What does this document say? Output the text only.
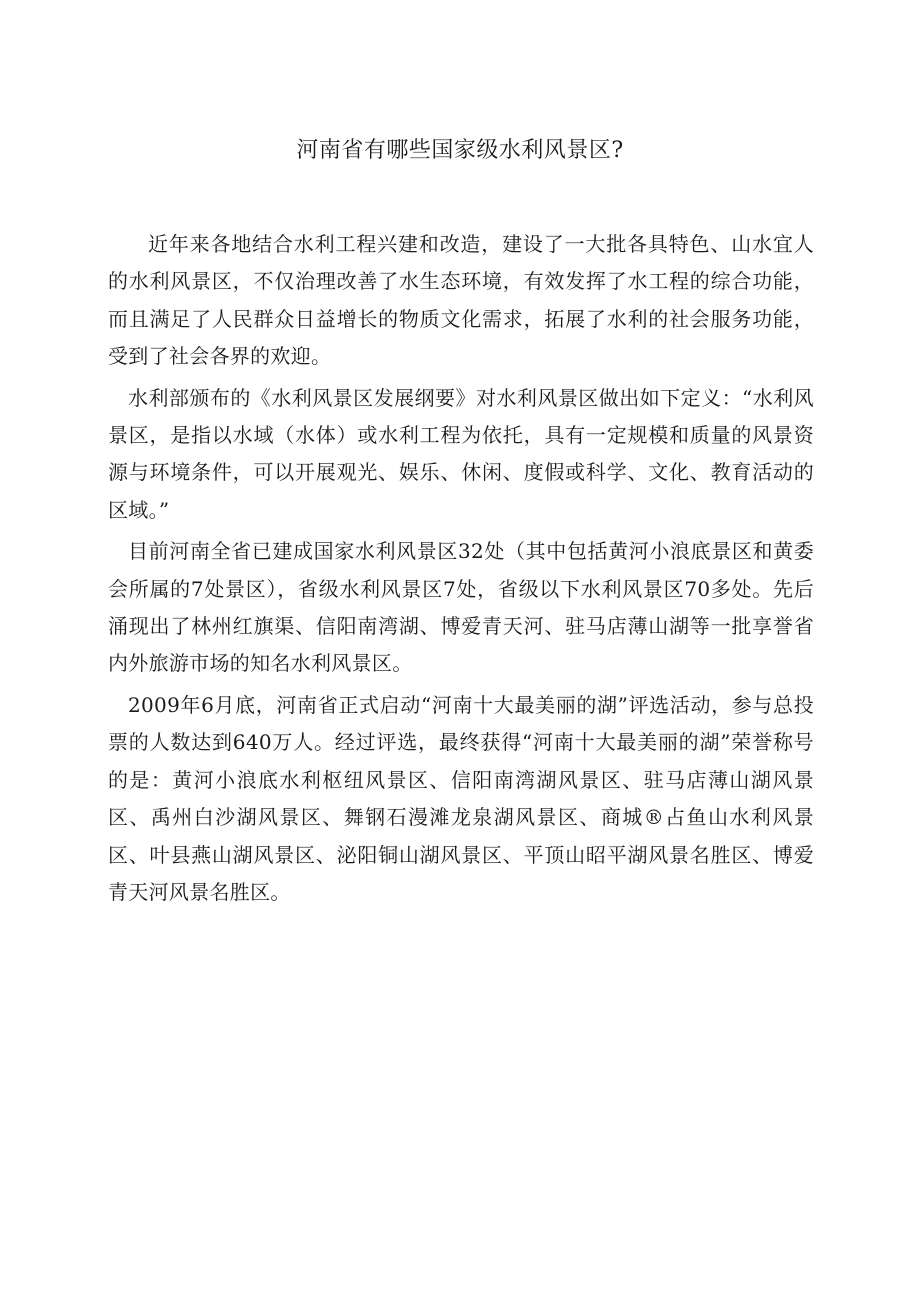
河南省有哪些国家级水利风景区?

近年来各地结合水利工程兴建和改造，建设了一大批各具特色、山水宜人的水利风景区，不仅治理改善了水生态环境，有效发挥了水工程的综合功能，而且满足了人民群众日益增长的物质文化需求，拓展了水利的社会服务功能，受到了社会各界的欢迎。

水利部颁布的《水利风景区发展纲要》对水利风景区做出如下定义：“水利风景区，是指以水域（水体）或水利工程为依托，具有一定规模和质量的风景资源与环境条件，可以开展观光、娱乐、休闲、度假或科学、文化、教育活动的区域。”

目前河南全省已建成国家水利风景区32处（其中包括黄河小浪底景区和黄委会所属的7处景区），省级水利风景区7处，省级以下水利风景区70多处。先后涌现出了林州红旗渠、信阳南湾湖、博爱青天河、驻马店薄山湖等一批享誉省内外旅游市场的知名水利风景区。

2009年6月底，河南省正式启动“河南十大最美丽的湖”评选活动，参与总投票的人数达到640万人。经过评选，最终获得“河南十大最美丽的湖”荣誉称号的是：黄河小浪底水利枢纽风景区、信阳南湾湖风景区、驻马店薄山湖风景区、禹州白沙湖风景区、舞钢石漫滩龙泉湖风景区、商城®占鱼山水利风景区、叶县燕山湖风景区、泌阳铜山湖风景区、平顶山昭平湖风景名胜区、博爱青天河风景名胜区。
